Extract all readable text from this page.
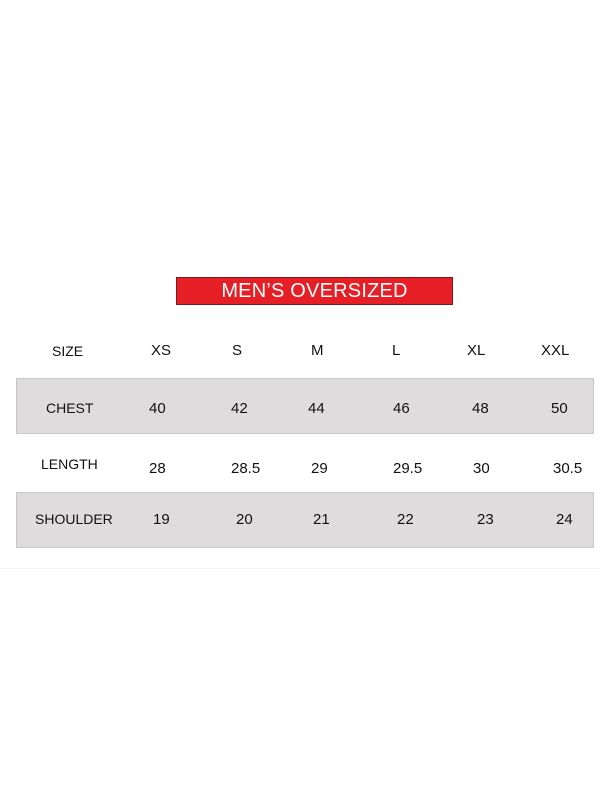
MEN’S OVERSIZED
SIZE	XS	S	M	L	XL	XXL
CHEST	40	42	44	46	48	50
LENGTH	28	28.5	29	29.5	30	30.5
SHOULDER	19	20	21	22	23	24
